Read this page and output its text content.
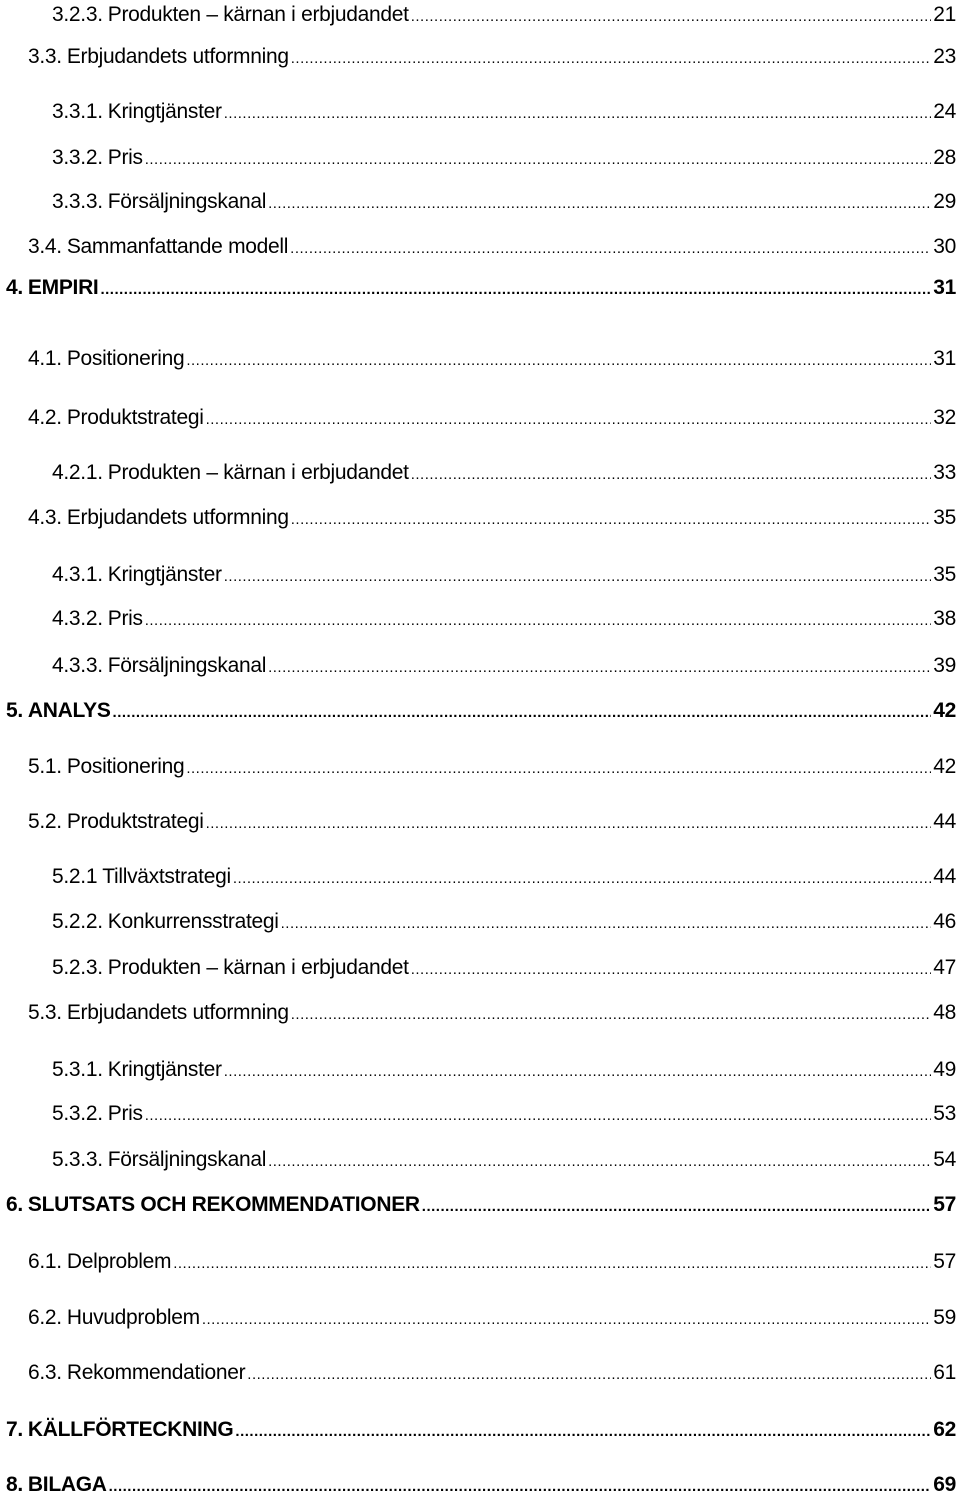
3.2.3. Produkten – kärnan i erbjudandet .....	21
3.3. Erbjudandets utformning .....	23
3.3.1. Kringtjänster .....	24
3.3.2. Pris .....	28
3.3.3. Försäljningskanal .....	29
3.4. Sammanfattande modell .....	30
4. EMPIRI .....	31
4.1. Positionering .....	31
4.2. Produktstrategi .....	32
4.2.1. Produkten – kärnan i erbjudandet .....	33
4.3. Erbjudandets utformning .....	35
4.3.1. Kringtjänster .....	35
4.3.2. Pris .....	38
4.3.3. Försäljningskanal .....	39
5. ANALYS .....	42
5.1. Positionering .....	42
5.2. Produktstrategi .....	44
5.2.1 Tillväxtstrategi .....	44
5.2.2. Konkurrensstrategi .....	46
5.2.3. Produkten – kärnan i erbjudandet .....	47
5.3. Erbjudandets utformning .....	48
5.3.1. Kringtjänster .....	49
5.3.2. Pris .....	53
5.3.3. Försäljningskanal .....	54
6. SLUTSATS OCH REKOMMENDATIONER .....	57
6.1. Delproblem .....	57
6.2. Huvudproblem .....	59
6.3. Rekommendationer .....	61
7. KÄLLFÖRTECKNING .....	62
8. BILAGA .....	69
